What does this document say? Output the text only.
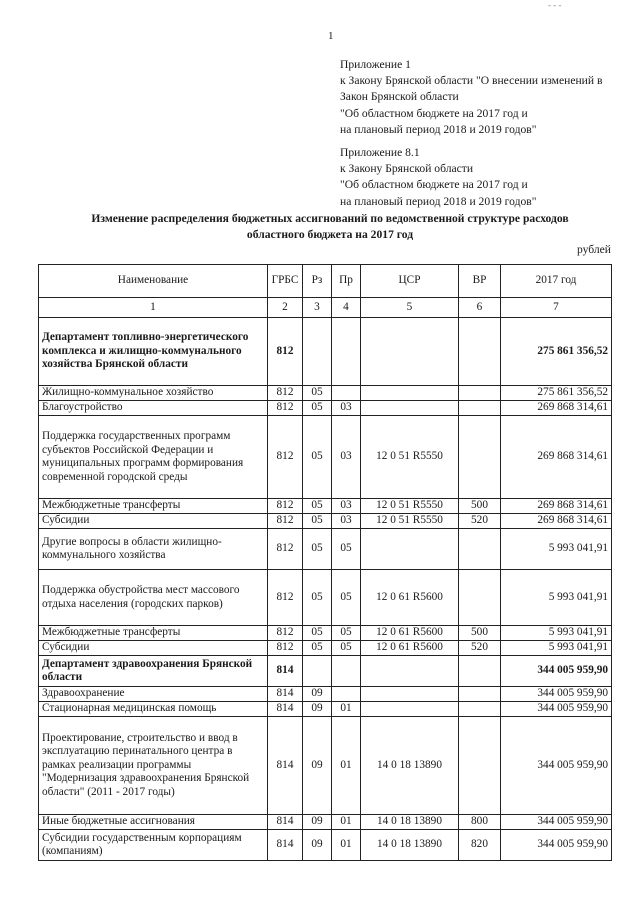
- - -
1
Приложение 1
к Закону Брянской области "О внесении изменений в
Закон Брянской области
"Об областном бюджете на 2017 год и
на плановый период 2018 и 2019 годов"
Приложение 8.1
к Закону Брянской области
"Об областном бюджете на 2017 год и
на плановый период 2018 и 2019 годов"
Изменение распределения бюджетных ассигнований по ведомственной структуре расходов
областного бюджета на 2017 год
рублей
Наименование	ГРБС	Рз	Пр	ЦСР	ВР	2017 год
1	2	3	4	5	6	7
Департамент топливно-энергетического комплекса и жилищно-коммунального хозяйства Брянской области	812					275 861 356,52
Жилищно-коммунальное хозяйство	812	05				275 861 356,52
Благоустройство	812	05	03			269 868 314,61
Поддержка государственных программ субъектов Российской Федерации и муниципальных программ формирования современной городской среды	812	05	03	12 0 51 R5550		269 868 314,61
Межбюджетные трансферты	812	05	03	12 0 51 R5550	500	269 868 314,61
Субсидии	812	05	03	12 0 51 R5550	520	269 868 314,61
Другие вопросы в области жилищно-коммунального хозяйства	812	05	05			5 993 041,91
Поддержка обустройства мест массового отдыха населения (городских парков)	812	05	05	12 0 61 R5600		5 993 041,91
Межбюджетные трансферты	812	05	05	12 0 61 R5600	500	5 993 041,91
Субсидии	812	05	05	12 0 61 R5600	520	5 993 041,91
Департамент здравоохранения Брянской области	814					344 005 959,90
Здравоохранение	814	09				344 005 959,90
Стационарная медицинская помощь	814	09	01			344 005 959,90
Проектирование, строительство и ввод в эксплуатацию перинатального центра в рамках реализации программы "Модернизация здравоохранения Брянской области" (2011 - 2017 годы)	814	09	01	14 0 18 13890		344 005 959,90
Иные бюджетные ассигнования	814	09	01	14 0 18 13890	800	344 005 959,90
Субсидии государственным корпорациям (компаниям)	814	09	01	14 0 18 13890	820	344 005 959,90
